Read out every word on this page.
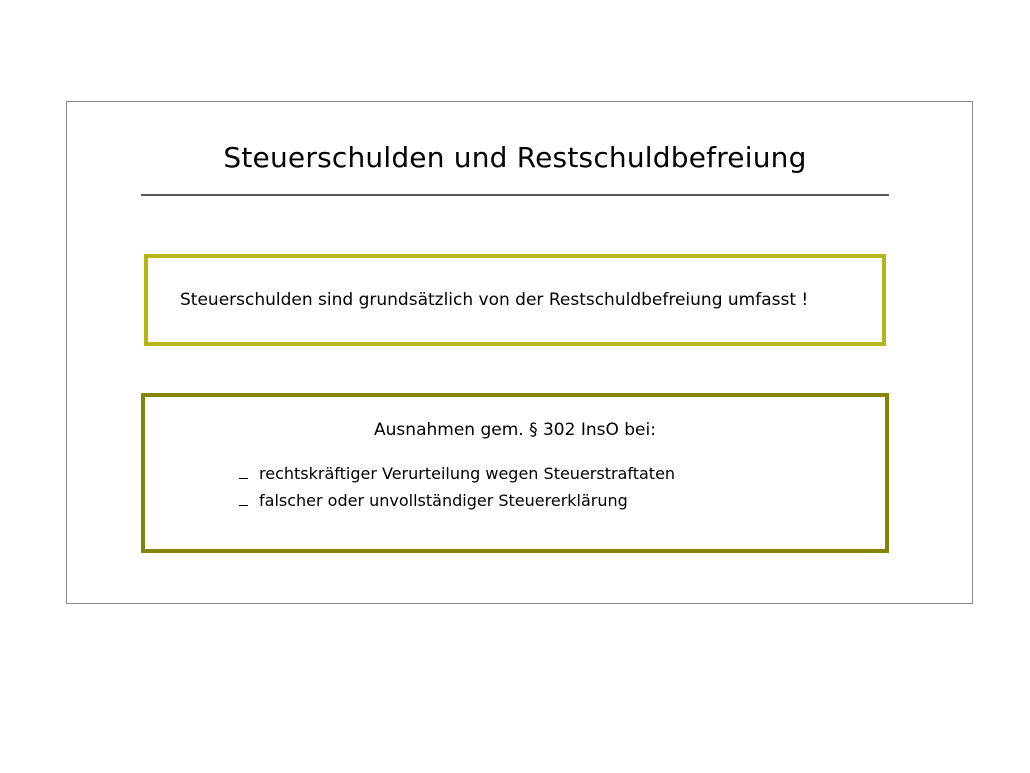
Steuerschulden und Restschuldbefreiung
Steuerschulden sind grundsätzlich von der Restschuldbefreiung umfasst !
Ausnahmen gem. § 302 InsO bei:
rechtskräftiger Verurteilung wegen Steuerstraftaten
falscher oder unvollständiger Steuererklärung
